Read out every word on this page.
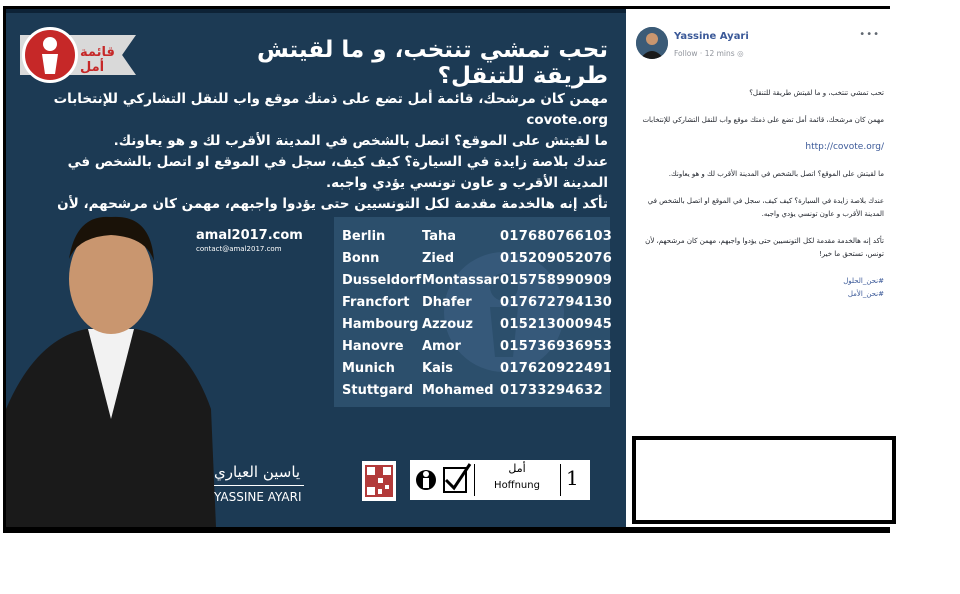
قائمة أمل
تحب تمشي تنتخب، و ما لقيتش طريقة للتنقل؟

مهمن كان مرشحك، قائمة أمل تضع على ذمتك موقع واب للنقل التشاركي للإنتخابات covote.org

ما لقيتش على الموقع؟ اتصل بالشخص في المدينة الأقرب لك و هو يعاونك.

عندك بلاصة زايدة في السيارة؟ كيف كيف، سجل في الموقع او اتصل بالشخص في المدينة الأقرب و عاون تونسي يؤدي واجبه.

تأكد إنه هالخدمة مقدمة لكل التونسيين حتى يؤدوا واجبهم، مهمن كان مرشحهم، لأن

amal2017.com
contact@amal2017.com
Berlin	Taha	017680766103
Bonn	Zied	015209052076
Dusseldorf Montassar 015758990909
Francfort Dhafer 017672794130
Hambourg Azzouz 015213000945
Hanovre Amor	015736936953
Munich Kais	017620922491
Stuttgard Mohamed 01733294632
ياسين العياري
YASSINE AYARI
أمل
Hoffnung	1
Yassine Ayari
Follow · 12 mins ◎
•••

تحب تمشي تنتخب، و ما لقيتش طريقة للتنقل؟

مهمن كان مرشحك، قائمة أمل تضع على ذمتك موقع واب للنقل التشاركي للإنتخابات

http://covote.org/

ما لقيتش على الموقع؟ اتصل بالشخص في المدينة الأقرب لك و هو يعاونك.

عندك بلاصة زايدة في السيارة؟ كيف كيف، سجل في الموقع او اتصل بالشخص في المدينة الأقرب و عاون تونسي يؤدي واجبه.

تأكد إنه هالخدمة مقدمة لكل التونسيين حتى يؤدوا واجبهم، مهمن كان مرشحهم، لأن تونس، تستحق ما خير!

#نحن_الحلول
#نحن_الأمل
